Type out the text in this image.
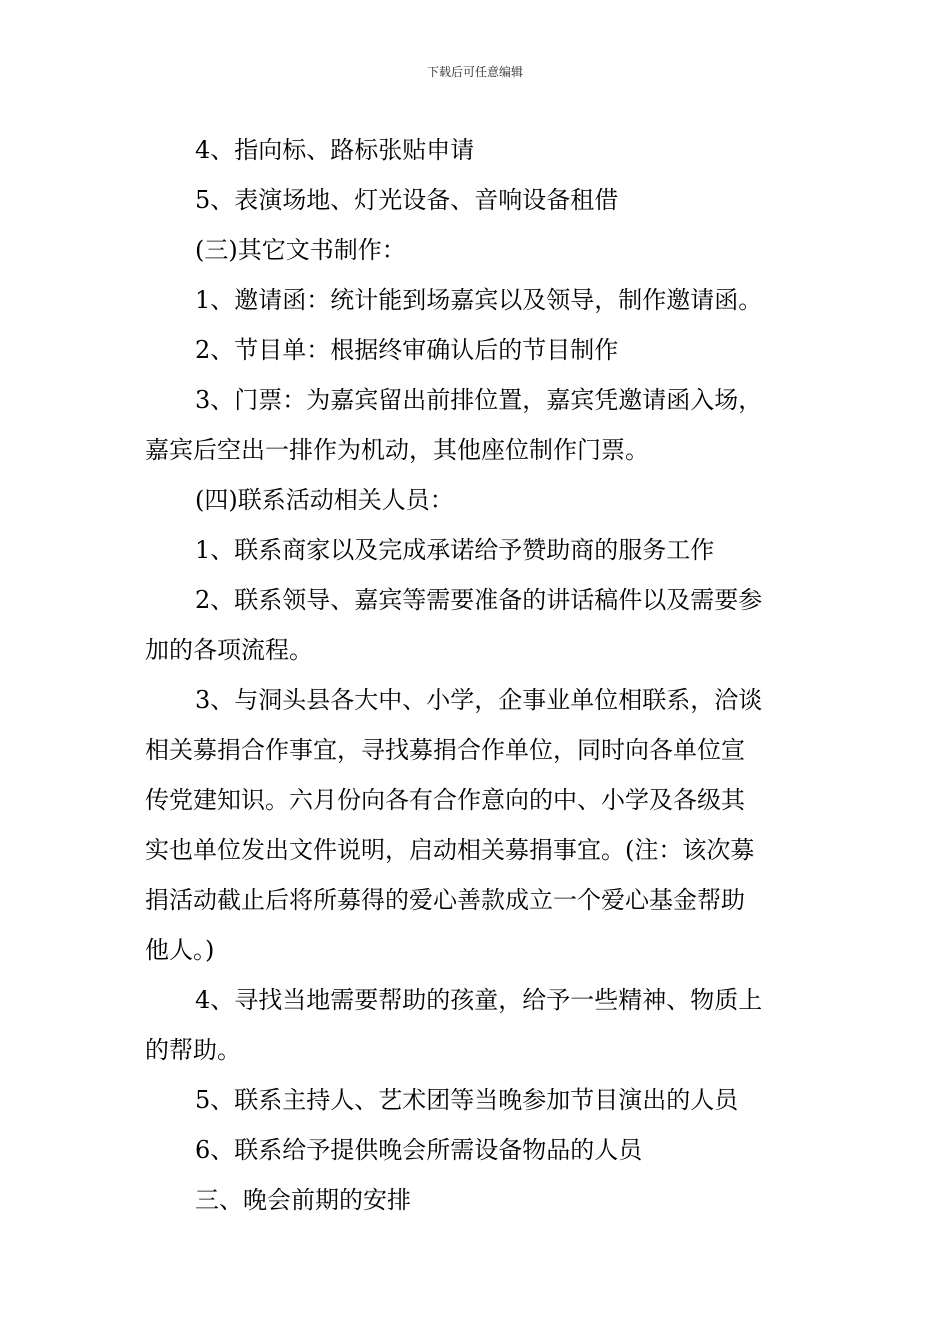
下载后可任意编辑

4、指向标、路标张贴申请

5、表演场地、灯光设备、音响设备租借

(三)其它文书制作：

1、邀请函：统计能到场嘉宾以及领导，制作邀请函。

2、节目单：根据终审确认后的节目制作

3、门票：为嘉宾留出前排位置，嘉宾凭邀请函入场，
嘉宾后空出一排作为机动，其他座位制作门票。

(四)联系活动相关人员：

1、联系商家以及完成承诺给予赞助商的服务工作

2、联系领导、嘉宾等需要准备的讲话稿件以及需要参
加的各项流程。

3、与洞头县各大中、小学，企事业单位相联系，洽谈
相关募捐合作事宜，寻找募捐合作单位，同时向各单位宣
传党建知识。六月份向各有合作意向的中、小学及各级其
实也单位发出文件说明，启动相关募捐事宜。(注：该次募
捐活动截止后将所募得的爱心善款成立一个爱心基金帮助
他人。)

4、寻找当地需要帮助的孩童，给予一些精神、物质上
的帮助。

5、联系主持人、艺术团等当晚参加节目演出的人员

6、联系给予提供晚会所需设备物品的人员

三、晚会前期的安排
